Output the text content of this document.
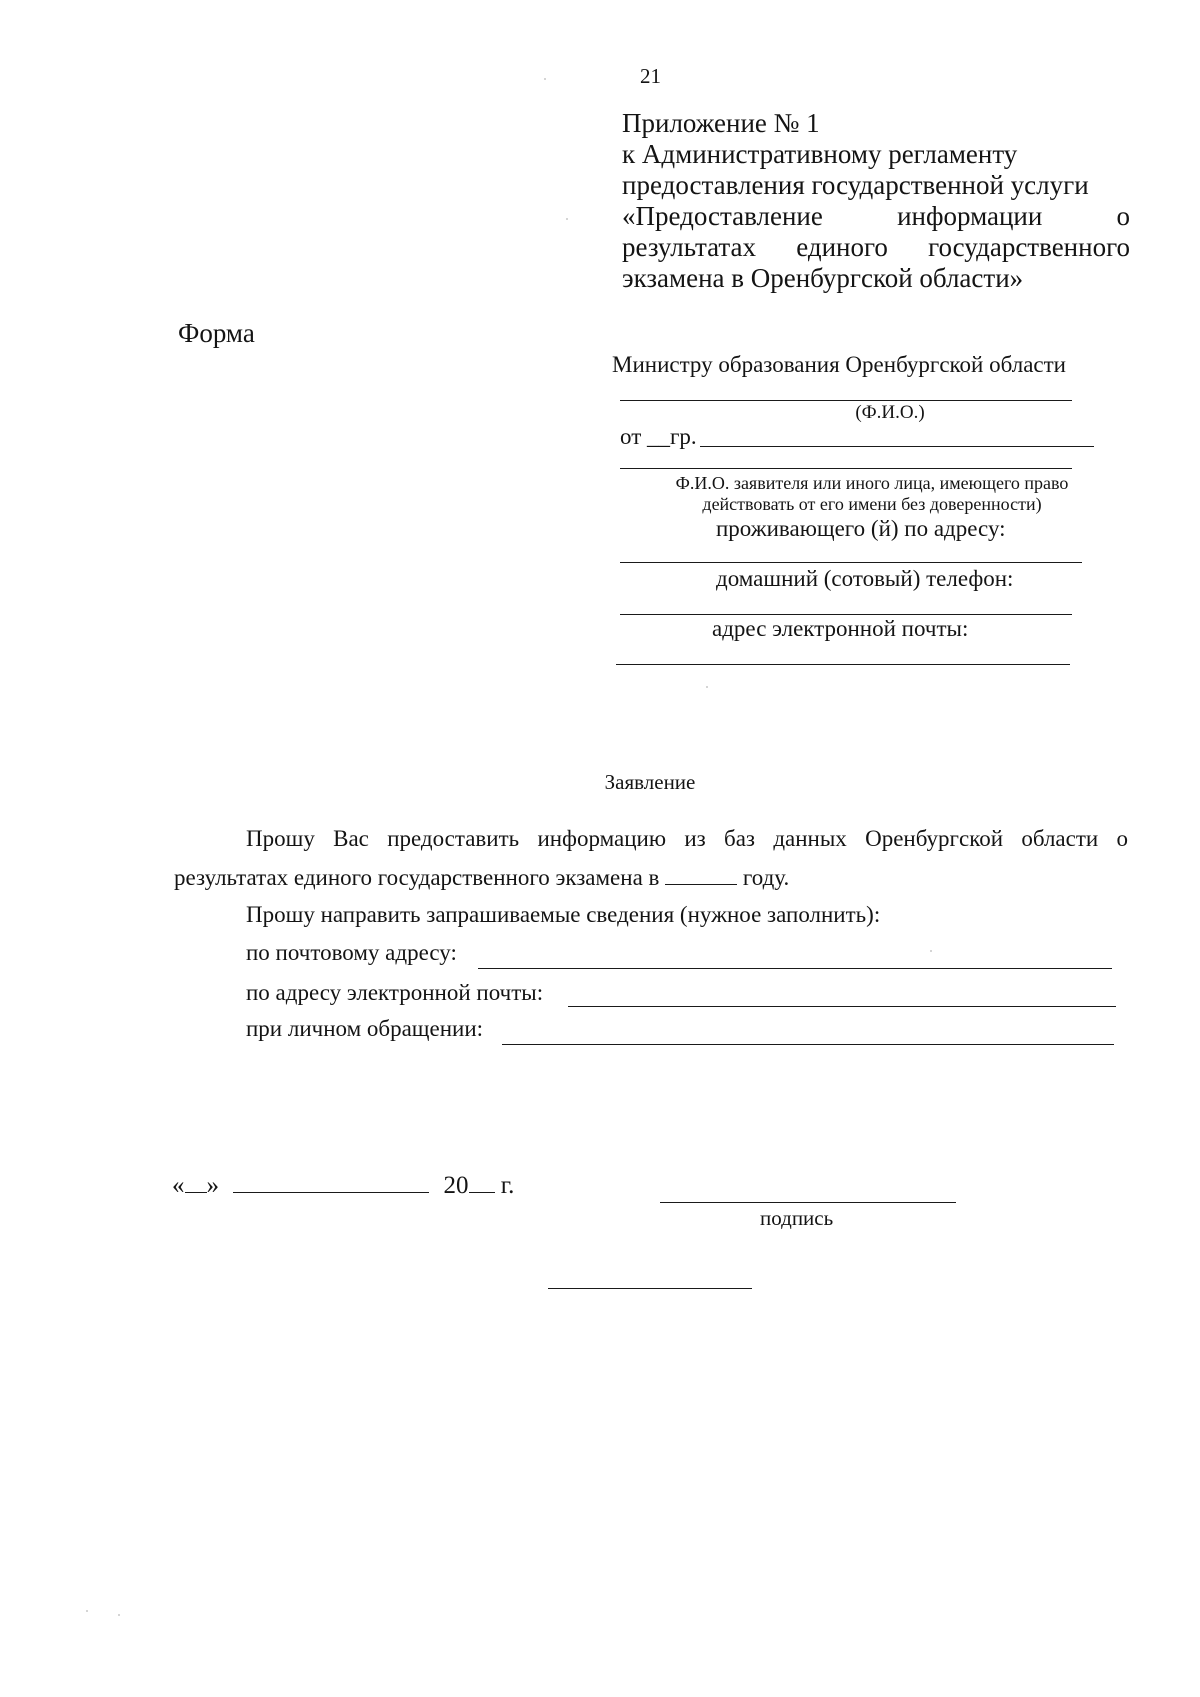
21
Приложение № 1
к Административному регламенту
предоставления государственной услуги
«Предоставление	информации	о
результатах единого государственного
экзамена в Оренбургской области»
Форма
Министру образования Оренбургской области
(Ф.И.О.)
от __гр.
Ф.И.О. заявителя или иного лица, имеющего право
действовать от его имени без доверенности)
проживающего (й) по адресу:
домашний (сотовый) телефон:
адрес электронной почты:
Заявление
Прошу Вас предоставить информацию из баз данных Оренбургской области о
результатах единого государственного экзамена в	году.
Прошу направить запрашиваемые сведения (нужное заполнить):
по почтовому адресу:
по адресу электронной почты:
при личном обращении:
« »	20 г.
подпись
